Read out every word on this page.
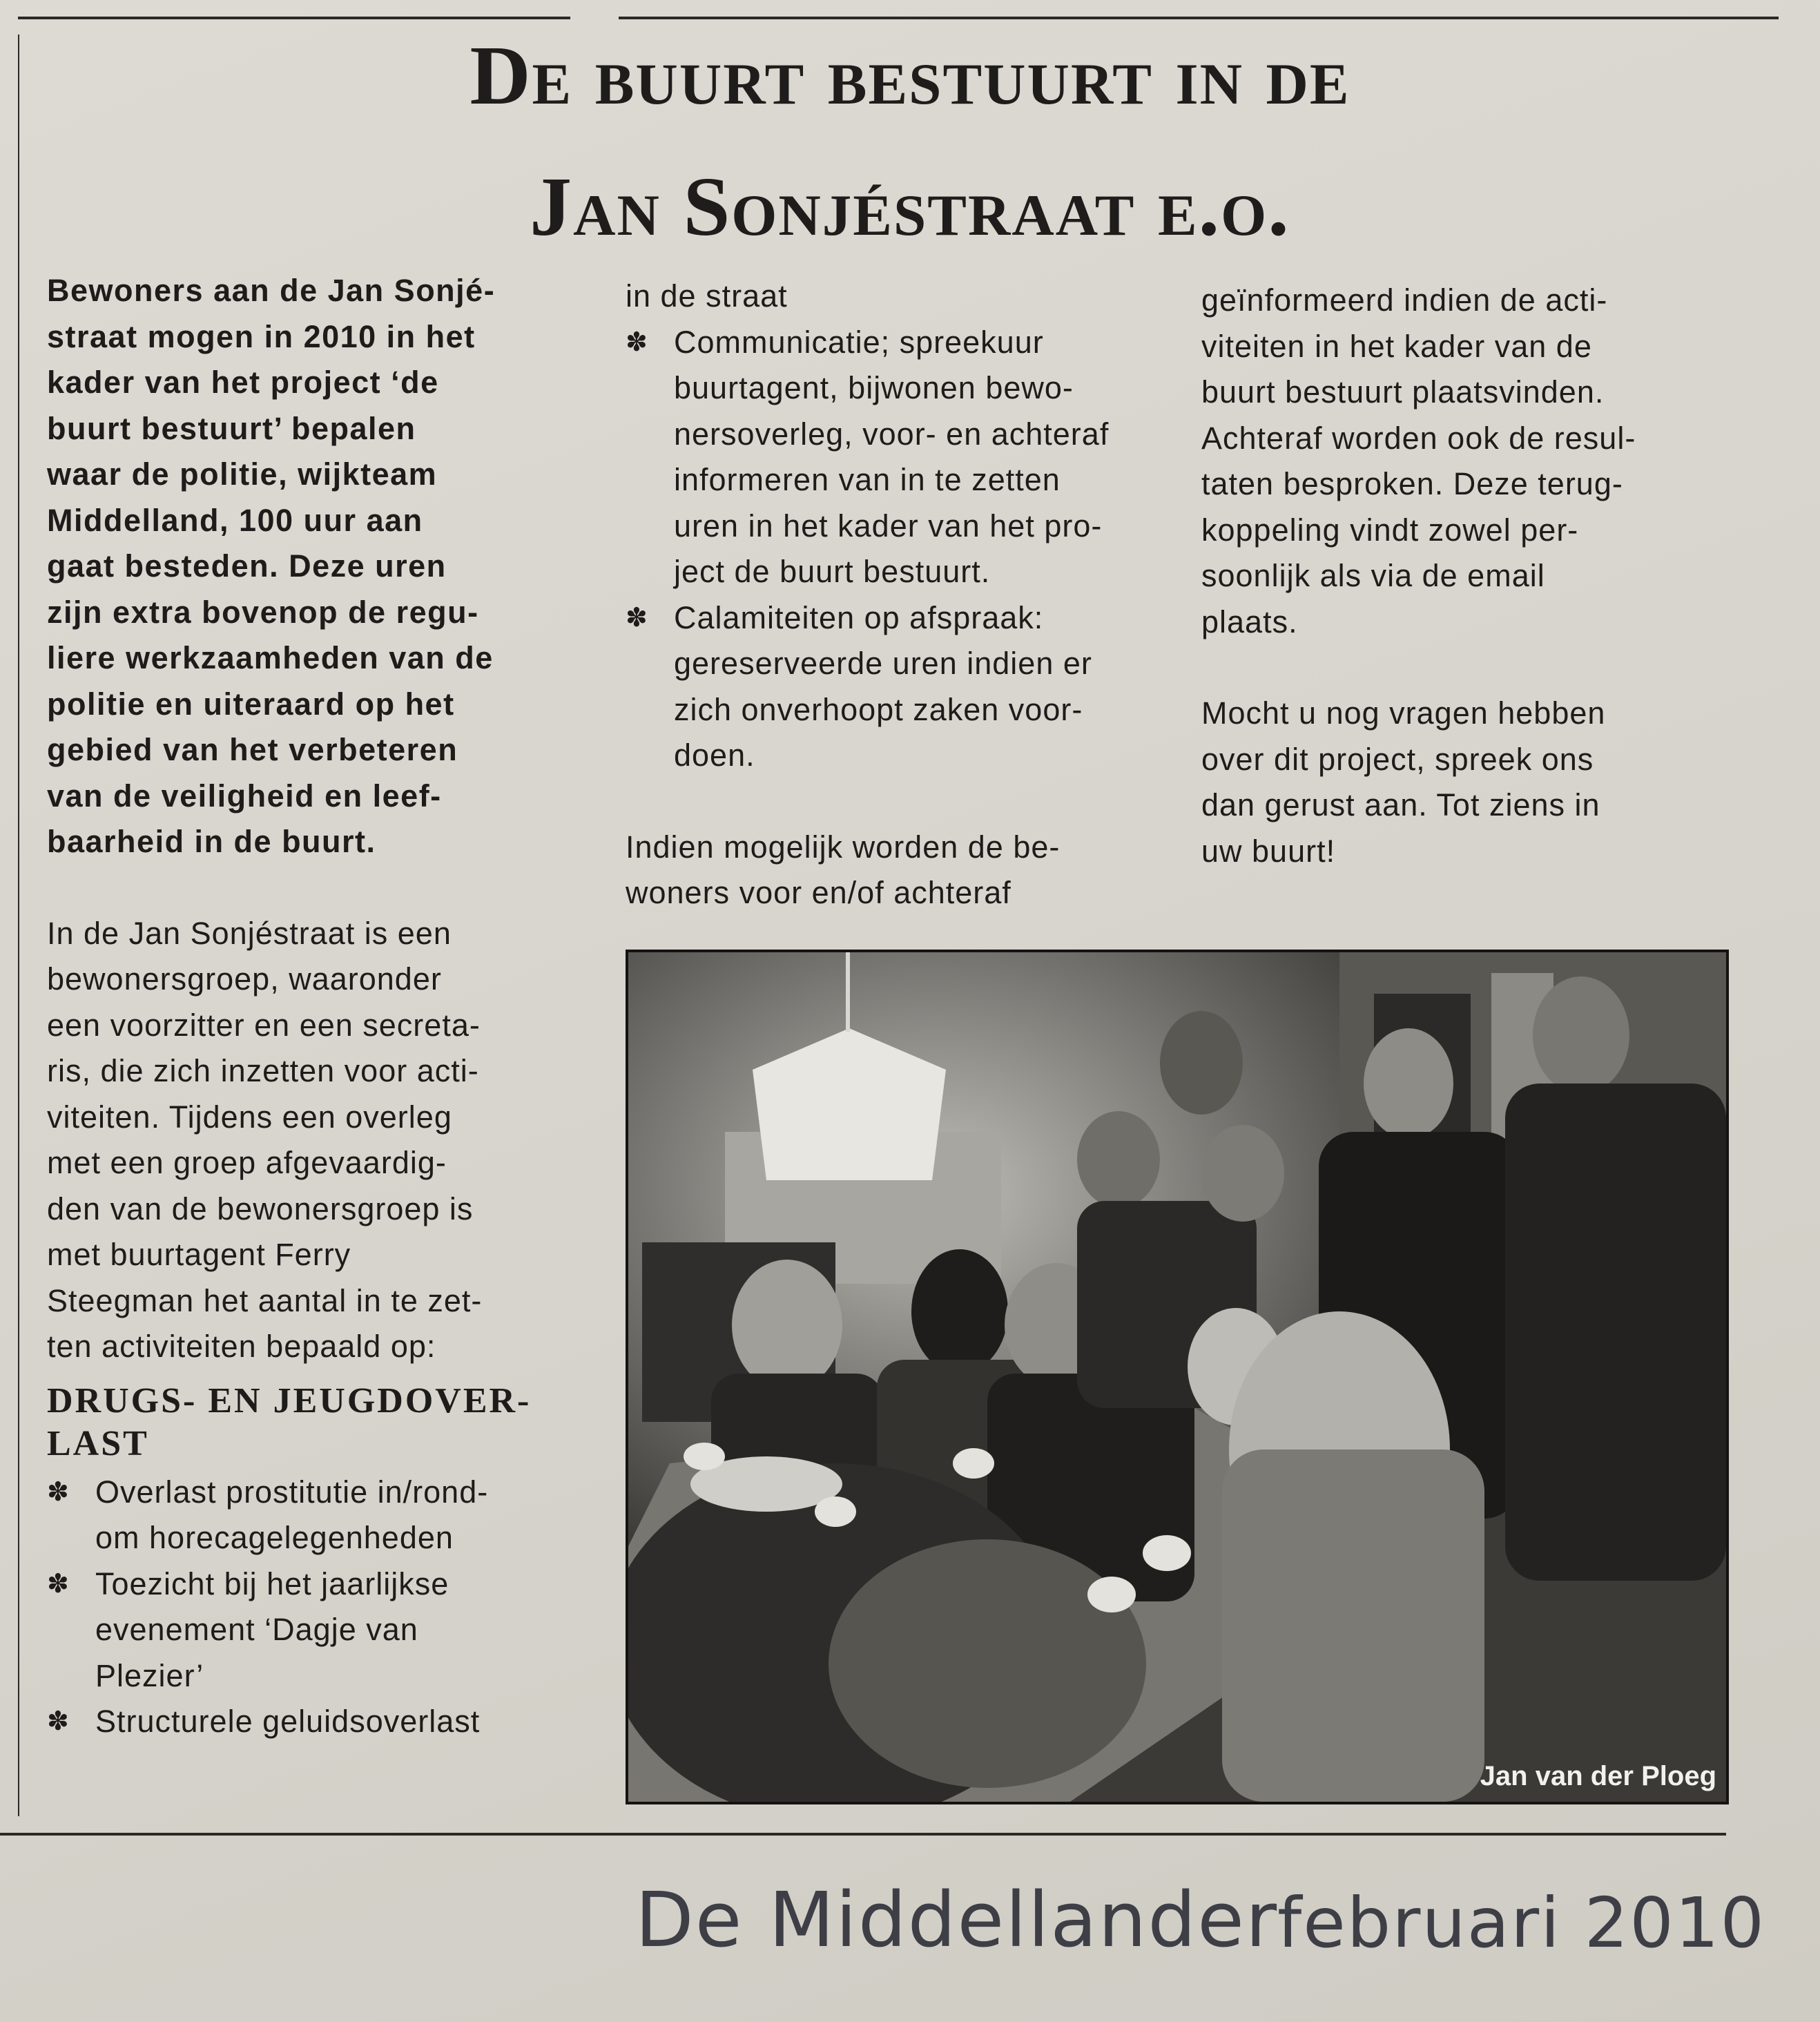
De buurt bestuurt in de
Jan Sonjéstraat e.o.

Bewoners aan de Jan Sonjé-

straat mogen in 2010 in het

kader van het project ‘de

buurt bestuurt’ bepalen

waar de politie, wijkteam

Middelland, 100 uur aan

gaat besteden. Deze uren

zijn extra bovenop de regu-

liere werkzaamheden van de

politie en uiteraard op het

gebied van het verbeteren

van de veiligheid en leef-

baarheid in de buurt.

In de Jan Sonjéstraat is een

bewonersgroep, waaronder

een voorzitter en een secreta-

ris, die zich inzetten voor acti-

viteiten. Tijdens een overleg

met een groep afgevaardig-

den van de bewonersgroep is

met buurtagent Ferry

Steegman het aantal in te zet-

ten activiteiten bepaald op:

DRUGS- EN JEUGDOVER-

LAST

✽ Overlast prostitutie in/rond-

om horecagelegenheden

✽ Toezicht bij het jaarlijkse

evenement ‘Dagje van

Plezier’

✽ Structurele geluidsoverlast

in de straat

✽ Communicatie; spreekuur

buurtagent, bijwonen bewo-

nersoverleg, voor- en achteraf

informeren van in te zetten

uren in het kader van het pro-

ject de buurt bestuurt.

✽ Calamiteiten op afspraak:

gereserveerde uren indien er

zich onverhoopt zaken voor-

doen.

Indien mogelijk worden de be-

woners voor en/of achteraf

geïnformeerd indien de acti-

viteiten in het kader van de

buurt bestuurt plaatsvinden.

Achteraf worden ook de resul-

taten besproken. Deze terug-

koppeling vindt zowel per-

soonlijk als via de email

plaats.

Mocht u nog vragen hebben

over dit project, spreek ons

dan gerust aan. Tot ziens in

uw buurt!

Jan van der Ploeg
De Middellander
februari 2010
